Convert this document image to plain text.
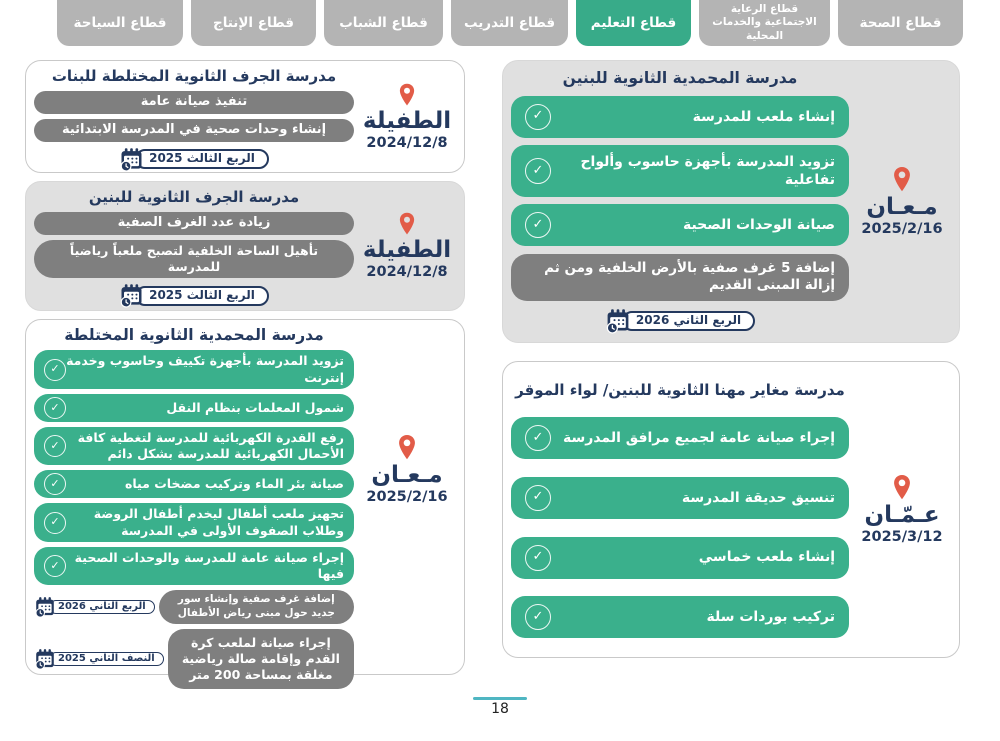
قطاع الصحة
قطاع الرعاية الاجتماعية والخدمات المحلية
قطاع التعليم
قطاع التدريب
قطاع الشباب
قطاع الإنتاج
قطاع السياحة
مـعـان
2025/2/16
مدرسة المحمدية الثانوية للبنين
إنشاء ملعب للمدرسة
✓
تزويد المدرسة بأجهزة حاسوب وألواح تفاعلية
✓
صيانة الوحدات الصحية
✓
إضافة 5 غرف صفية بالأرض الخلفية ومن ثم إزالة المبنى القديم
الربع الثاني 2026
عـمّـان
2025/3/12
مدرسة مغاير مهنا الثانوية للبنين/ لواء الموقر
إجراء صيانة عامة لجميع مرافق المدرسة
✓
تنسيق حديقة المدرسة
✓
إنشاء ملعب خماسي
✓
تركيب بوردات سلة
✓
الطفيلة
2024/12/8
مدرسة الجرف الثانوية المختلطة للبنات
تنفيذ صيانة عامة
إنشاء وحدات صحية في المدرسة الابتدائية
الربع الثالث 2025
الطفيلة
2024/12/8
مدرسة الجرف الثانوية للبنين
زيادة عدد الغرف الصفية
تأهيل الساحة الخلفية لتصبح ملعباً رياضياً للمدرسة
الربع الثالث 2025
مـعـان
2025/2/16
مدرسة المحمدية الثانوية المختلطة
تزويد المدرسة بأجهزة تكييف وحاسوب وخدمة إنترنت
✓
شمول المعلمات بنظام النقل
✓
رفع القدرة الكهربائية للمدرسة لتغطية كافة الأحمال الكهربائية للمدرسة بشكل دائم
✓
صيانة بئر الماء وتركيب مضخات مياه
✓
تجهيز ملعب أطفال ليخدم أطفال الروضة وطلاب الصفوف الأولى في المدرسة
✓
إجراء صيانة عامة للمدرسة والوحدات الصحية فيها
✓
إضافة غرف صفية وإنشاء سور جديد حول مبنى رياض الأطفال
الربع الثاني 2026
إجراء صيانة لملعب كرة القدم وإقامة صالة رياضية مغلقة بمساحة 200 متر
النصف الثاني 2025
18
